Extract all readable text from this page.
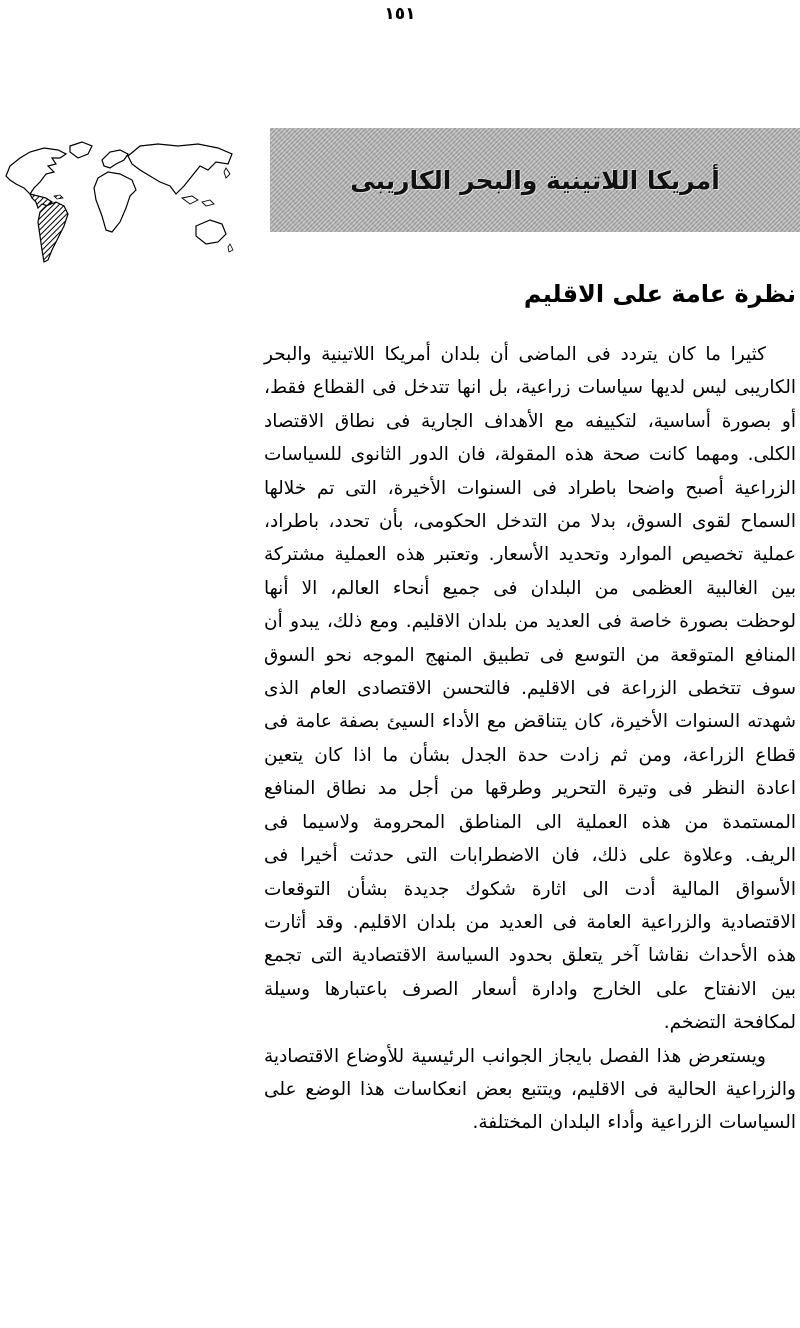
١٥١
أمريكا اللاتينية والبحر الكاريبى
نظرة عامة على الاقليم

كثيرا ما كان يتردد فى الماضى أن بلدان أمريكا اللاتينية والبحر الكاريبى ليس لديها سياسات زراعية، بل انها تتدخل فى القطاع فقط، أو بصورة أساسية، لتكييفه مع الأهداف الجارية فى نطاق الاقتصاد الكلى. ومهما كانت صحة هذه المقولة، فان الدور الثانوى للسياسات الزراعية أصبح واضحا باطراد فى السنوات الأخيرة، التى تم خلالها السماح لقوى السوق، بدلا من التدخل الحكومى، بأن تحدد، باطراد، عملية تخصيص الموارد وتحديد الأسعار. وتعتبر هذه العملية مشتركة بين الغالبية العظمى من البلدان فى جميع أنحاء العالم، الا أنها لوحظت بصورة خاصة فى العديد من بلدان الاقليم. ومع ذلك، يبدو أن المنافع المتوقعة من التوسع فى تطبيق المنهج الموجه نحو السوق سوف تتخطى الزراعة فى الاقليم. فالتحسن الاقتصادى العام الذى شهدته السنوات الأخيرة، كان يتناقض مع الأداء السيئ بصفة عامة فى قطاع الزراعة، ومن ثم زادت حدة الجدل بشأن ما اذا كان يتعين اعادة النظر فى وتيرة التحرير وطرقها من أجل مد نطاق المنافع المستمدة من هذه العملية الى المناطق المحرومة ولاسيما فى الريف. وعلاوة على ذلك، فان الاضطرابات التى حدثت أخيرا فى الأسواق المالية أدت الى اثارة شكوك جديدة بشأن التوقعات الاقتصادية والزراعية العامة فى العديد من بلدان الاقليم. وقد أثارت هذه الأحداث نقاشا آخر يتعلق بحدود السياسة الاقتصادية التى تجمع بين الانفتاح على الخارج وادارة أسعار الصرف باعتبارها وسيلة لمكافحة التضخم.

ويستعرض هذا الفصل بايجاز الجوانب الرئيسية للأوضاع الاقتصادية والزراعية الحالية فى الاقليم، ويتتبع بعض انعكاسات هذا الوضع على السياسات الزراعية وأداء البلدان المختلفة.
